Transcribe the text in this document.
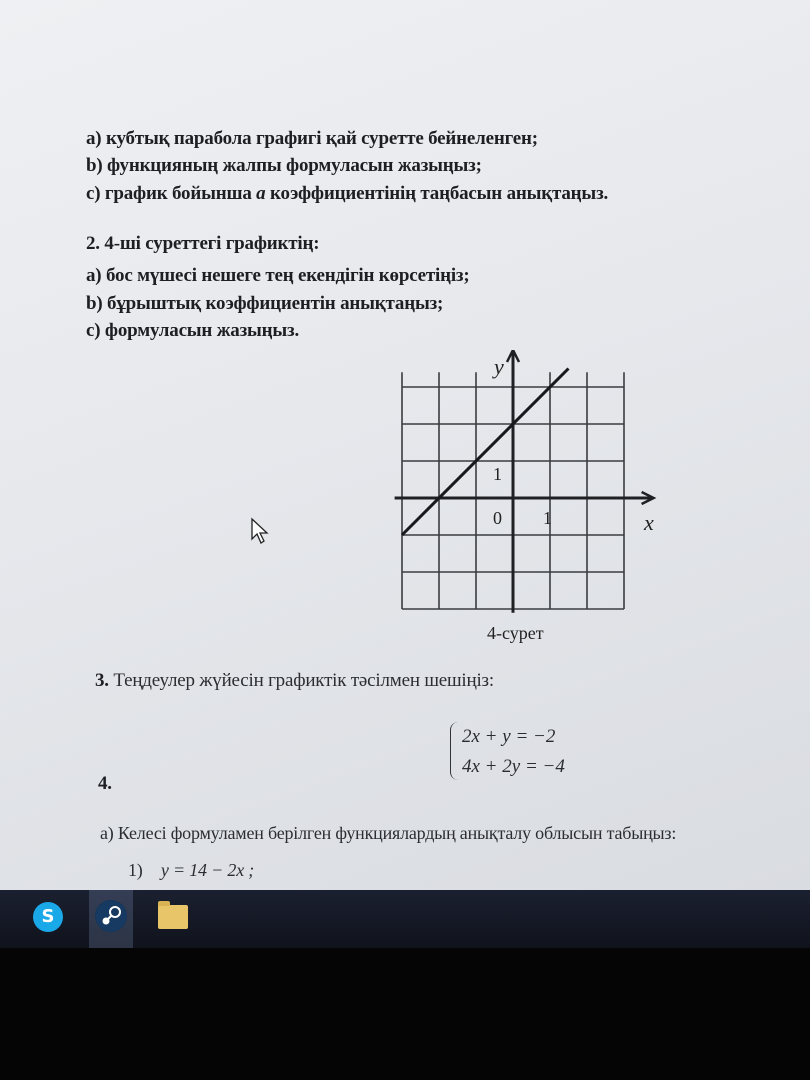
a) кубтық парабола графигі қай суретте бейнеленген;
b) функцияның жалпы формуласын жазыңыз;
c) график бойынша a коэффициентінің таңбасын анықтаңыз.
2. 4-ші суреттегі графиктің:
a) бос мүшесі нешеге тең екендігін көрсетіңіз;
b) бұрыштық коэффициентін анықтаңыз;
c) формуласын жазыңыз.
y
x
0 1
1
4-сурет
3. Теңдеулер жүйесін графиктік тәсілмен шешіңіз:
2x + y = −2
4x + 2y = −4
4.
a) Келесі формуламен берілген функциялардың анықталу облысын табыңыз:
1) y = 14 − 2x ;
S
